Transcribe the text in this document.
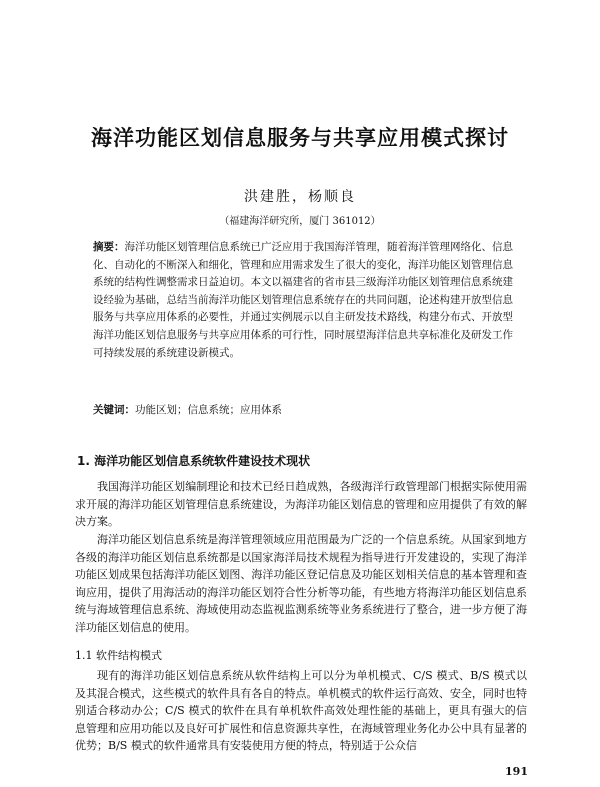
海洋功能区划信息服务与共享应用模式探讨
洪建胜，杨顺良
（福建海洋研究所，厦门 361012）
摘要：海洋功能区划管理信息系统已广泛应用于我国海洋管理，随着海洋管理网络化、信息化、自动化的不断深入和细化，管理和应用需求发生了很大的变化，海洋功能区划管理信息系统的结构性调整需求日益迫切。本文以福建省的省市县三级海洋功能区划管理信息系统建设经验为基础，总结当前海洋功能区划管理信息系统存在的共同问题，论述构建开放型信息服务与共享应用体系的必要性，并通过实例展示以自主研发技术路线，构建分布式、开放型海洋功能区划信息服务与共享应用体系的可行性，同时展望海洋信息共享标准化及研发工作可持续发展的系统建设新模式。
关键词：功能区划；信息系统；应用体系
1. 海洋功能区划信息系统软件建设技术现状
我国海洋功能区划编制理论和技术已经日趋成熟，各级海洋行政管理部门根据实际使用需求开展的海洋功能区划管理信息系统建设，为海洋功能区划信息的管理和应用提供了有效的解决方案。
海洋功能区划信息系统是海洋管理领域应用范围最为广泛的一个信息系统。从国家到地方各级的海洋功能区划信息系统都是以国家海洋局技术规程为指导进行开发建设的，实现了海洋功能区划成果包括海洋功能区划图、海洋功能区登记信息及功能区划相关信息的基本管理和查询应用，提供了用海活动的海洋功能区划符合性分析等功能，有些地方将海洋功能区划信息系统与海域管理信息系统、海域使用动态监视监测系统等业务系统进行了整合，进一步方便了海洋功能区划信息的使用。
1.1 软件结构模式
现有的海洋功能区划信息系统从软件结构上可以分为单机模式、C/S 模式、B/S 模式以及其混合模式，这些模式的软件具有各自的特点。单机模式的软件运行高效、安全，同时也特别适合移动办公；C/S 模式的软件在具有单机软件高效处理性能的基础上，更具有强大的信息管理和应用功能以及良好可扩展性和信息资源共享性，在海域管理业务化办公中具有显著的优势；B/S 模式的软件通常具有安装使用方便的特点，特别适于公众信
191
